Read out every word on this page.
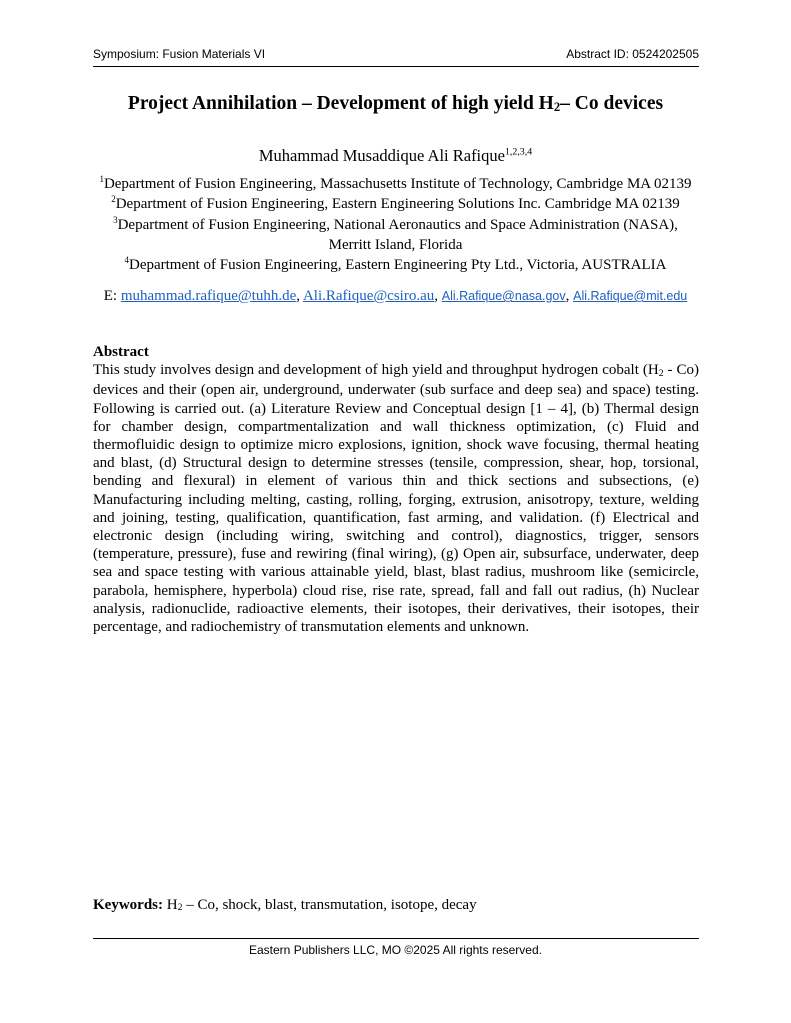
Symposium: Fusion Materials VI	Abstract ID: 0524202505
Project Annihilation – Development of high yield $H_2-$ Co devices
Muhammad Musaddique Ali Rafique$^{1,2,3,4}$
$^1$Department of Fusion Engineering, Massachusetts Institute of Technology, Cambridge MA 02139
$^2$Department of Fusion Engineering, Eastern Engineering Solutions Inc. Cambridge MA 02139
$^3$Department of Fusion Engineering, National Aeronautics and Space Administration (NASA),
Merritt Island, Florida
$^4$Department of Fusion Engineering, Eastern Engineering Pty Ltd., Victoria, AUSTRALIA
E: muhammad.rafique@tuhh.de, Ali.Rafique@csiro.au, Ali.Rafique@nasa.gov, Ali.Rafique@mit.edu
Abstract

This study involves design and development of high yield and throughput hydrogen cobalt $(H_2 - Co)$ devices and their (open air, underground, underwater (sub surface and deep sea) and space) testing. Following is carried out. (a) Literature Review and Conceptual design [1 – 4], (b) Thermal design for chamber design, compartmentalization and wall thickness optimization, (c) Fluid and thermofluidic design to optimize micro explosions, ignition, shock wave focusing, thermal heating and blast, (d) Structural design to determine stresses (tensile, compression, shear, hop, torsional, bending and flexural) in element of various thin and thick sections and subsections, (e) Manufacturing including melting, casting, rolling, forging, extrusion, anisotropy, texture, welding and joining, testing, qualification, quantification, fast arming, and validation. (f) Electrical and electronic design (including wiring, switching and control), diagnostics, trigger, sensors (temperature, pressure), fuse and rewiring (final wiring), (g) Open air, subsurface, underwater, deep sea and space testing with various attainable yield, blast, blast radius, mushroom like (semicircle, parabola, hemisphere, hyperbola) cloud rise, rise rate, spread, fall and fall out radius, (h) Nuclear analysis, radionuclide, radioactive elements, their isotopes, their derivatives, their isotopes, their percentage, and radiochemistry of transmutation elements and unknown.

Keywords: $H_2$ – Co, shock, blast, transmutation, isotope, decay
Eastern Publishers LLC, MO ©2025 All rights reserved.
